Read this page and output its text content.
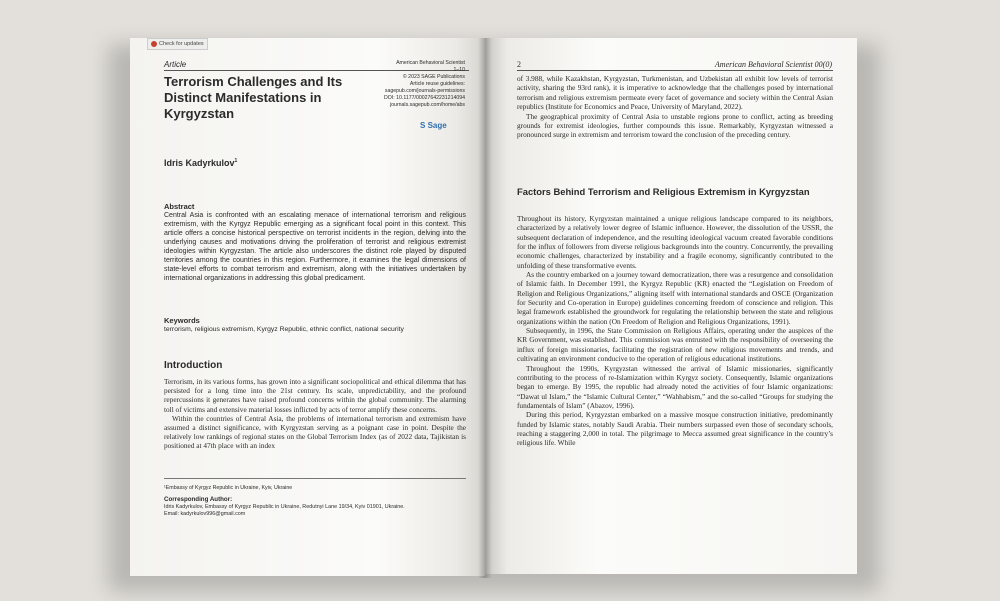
Check for updates
Article	American Behavioral Scientist
1–10
© 2023 SAGE Publications
Article reuse guidelines:
sagepub.com/journals-permissions
DOI: 10.1177/00027642231214094
journals.sagepub.com/home/abs
S Sage
Terrorism Challenges and Its Distinct Manifestations in Kyrgyzstan
Idris Kadyrkulov$^1$
Abstract
Central Asia is confronted with an escalating menace of international terrorism and religious extremism, with the Kyrgyz Republic emerging as a significant focal point in this context. This article offers a concise historical perspective on terrorist incidents in the region, delving into the underlying causes and motivations driving the proliferation of terrorist and religious extremist ideologies within Kyrgyzstan. The article also underscores the distinct role played by disputed territories among the countries in this region. Furthermore, it examines the legal dimensions of state-level efforts to combat terrorism and extremism, along with the initiatives undertaken by international organizations in addressing this global predicament.
Keywords
terrorism, religious extremism, Kyrgyz Republic, ethnic conflict, national security
Introduction

Terrorism, in its various forms, has grown into a significant sociopolitical and ethical dilemma that has persisted for a long time into the 21st century. Its scale, unpredictability, and the profound repercussions it generates have raised profound concerns within the global community. The alarming toll of victims and extensive material losses inflicted by acts of terror amplify these concerns.

Within the countries of Central Asia, the problems of international terrorism and extremism have assumed a distinct significance, with Kyrgyzstan serving as a poignant case in point. Despite the relatively low rankings of regional states on the Global Terrorism Index (as of 2022 data, Tajikistan is positioned at 47th place with an index

¹Embassy of Kyrgyz Republic in Ukraine, Kyiv, Ukraine
Corresponding Author:
Idris Kadyrkulov, Embassy of Kyrgyz Republic in Ukraine, Redutnyi Lane 19/34, Kyiv 01901, Ukraine.
Email: kadyrkulov996@gmail.com
2	American Behavioral Scientist 00(0)

of 3.988, while Kazakhstan, Kyrgyzstan, Turkmenistan, and Uzbekistan all exhibit low levels of terrorist activity, sharing the 93rd rank), it is imperative to acknowledge that the challenges posed by international terrorism and religious extremism permeate every facet of governance and society within the Central Asian republics (Institute for Economics and Peace, University of Maryland, 2022).

The geographical proximity of Central Asia to unstable regions prone to conflict, acting as breeding grounds for extremist ideologies, further compounds this issue. Remarkably, Kyrgyzstan witnessed a pronounced surge in extremism and terrorism toward the conclusion of the preceding century.

Factors Behind Terrorism and Religious Extremism in Kyrgyzstan

Throughout its history, Kyrgyzstan maintained a unique religious landscape compared to its neighbors, characterized by a relatively lower degree of Islamic influence. However, the dissolution of the USSR, the subsequent declaration of independence, and the resulting ideological vacuum created favorable conditions for the influx of followers from diverse religious backgrounds into the country. Concurrently, the prevailing economic challenges, characterized by instability and a fragile economy, significantly contributed to the unfolding of these transformative events.

As the country embarked on a journey toward democratization, there was a resurgence and consolidation of Islamic faith. In December 1991, the Kyrgyz Republic (KR) enacted the “Legislation on Freedom of Religion and Religious Organizations,” aligning itself with international standards and OSCE (Organization for Security and Co-operation in Europe) guidelines concerning freedom of conscience and religion. This legal framework established the groundwork for regulating the relationship between the state and religious organizations within the nation (On Freedom of Religion and Religious Organizations, 1991).

Subsequently, in 1996, the State Commission on Religious Affairs, operating under the auspices of the KR Government, was established. This commission was entrusted with the responsibility of overseeing the influx of foreign missionaries, facilitating the registration of new religious movements and trends, and cultivating an environment conducive to the operation of religious educational institutions.

Throughout the 1990s, Kyrgyzstan witnessed the arrival of Islamic missionaries, significantly contributing to the process of re-Islamization within Kyrgyz society. Consequently, Islamic organizations began to emerge. By 1995, the republic had already noted the activities of four Islamic organizations: “Dawat ul Islam,” the “Islamic Cultural Center,” “Wahhabism,” and the so-called “Groups for studying the fundamentals of Islam” (Abazov, 1996).

During this period, Kyrgyzstan embarked on a massive mosque construction initiative, predominantly funded by Islamic states, notably Saudi Arabia. Their numbers surpassed even those of secondary schools, reaching a staggering 2,000 in total. The pilgrimage to Mecca assumed great significance in the country’s religious life. While
